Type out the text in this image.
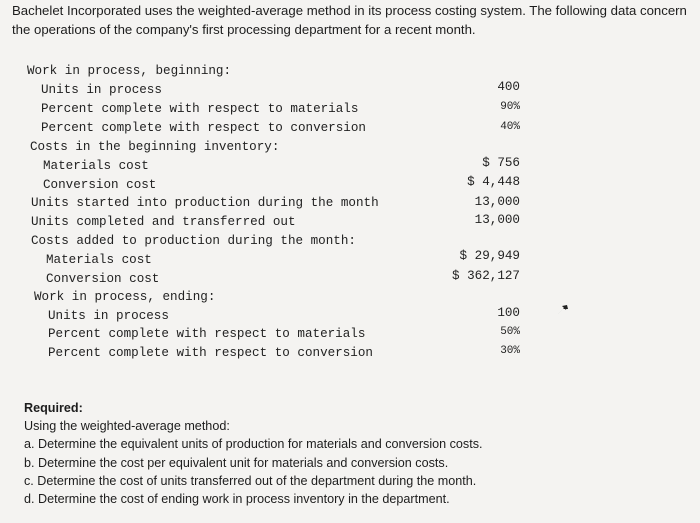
Bachelet Incorporated uses the weighted-average method in its process costing system. The following data concern the operations of the company's first processing department for a recent month.

Work in process, beginning:
Units in process	400
Percent complete with respect to materials	90%
Percent complete with respect to conversion	40%
Costs in the beginning inventory:
Materials cost	$ 756
Conversion cost	$ 4,448
Units started into production during the month	13,000
Units completed and transferred out	13,000
Costs added to production during the month:
Materials cost	$ 29,949
Conversion cost	$ 362,127
Work in process, ending:
Units in process	100
Percent complete with respect to materials	50%
Percent complete with respect to conversion	30%
Required:
Using the weighted-average method:
a. Determine the equivalent units of production for materials and conversion costs.
b. Determine the cost per equivalent unit for materials and conversion costs.
c. Determine the cost of units transferred out of the department during the month.
d. Determine the cost of ending work in process inventory in the department.
